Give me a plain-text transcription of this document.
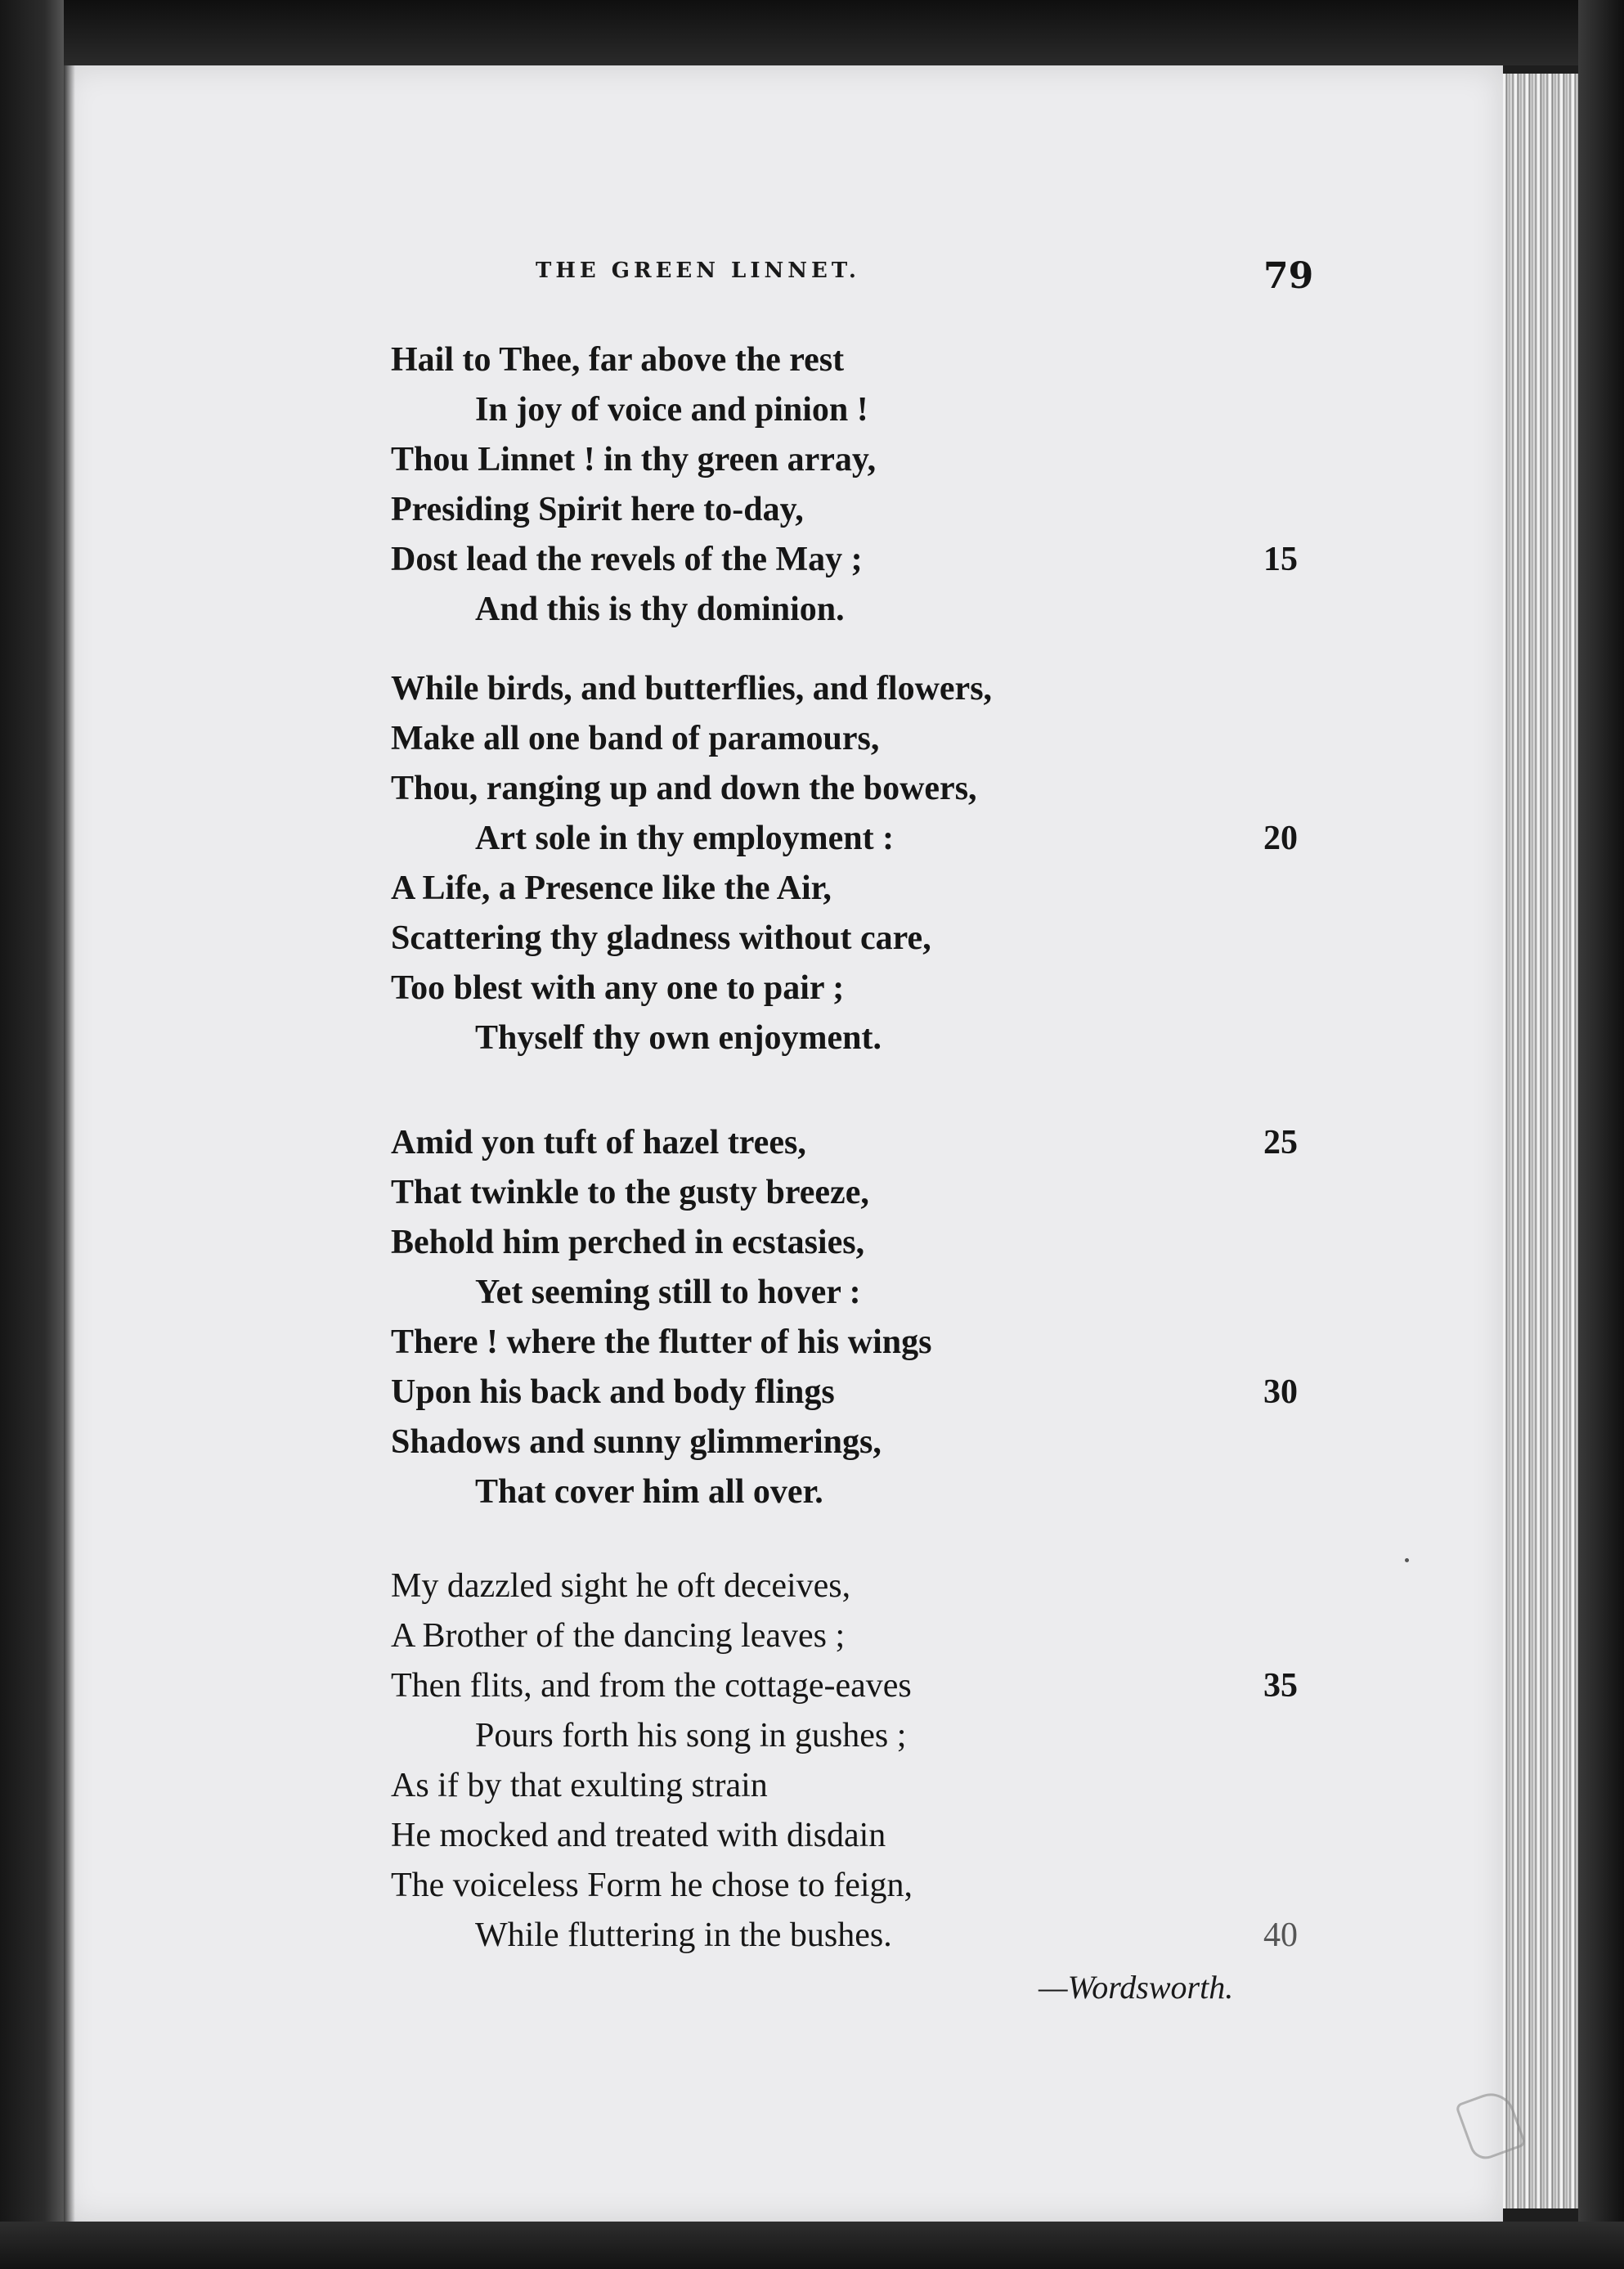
THE GREEN LINNET.	79
Hail to Thee, far above the rest
In joy of voice and pinion !
Thou Linnet ! in thy green array,
Presiding Spirit here to-day,
Dost lead the revels of the May ;	15
And this is thy dominion.
While birds, and butterflies, and flowers,
Make all one band of paramours,
Thou, ranging up and down the bowers,
Art sole in thy employment :	20
A Life, a Presence like the Air,
Scattering thy gladness without care,
Too blest with any one to pair ;
Thyself thy own enjoyment.
Amid yon tuft of hazel trees,	25
That twinkle to the gusty breeze,
Behold him perched in ecstasies,
Yet seeming still to hover :
There ! where the flutter of his wings
Upon his back and body flings	30
Shadows and sunny glimmerings,
That cover him all over.
My dazzled sight he oft deceives,
A Brother of the dancing leaves ;
Then flits, and from the cottage-eaves	35
Pours forth his song in gushes ;
As if by that exulting strain
He mocked and treated with disdain
The voiceless Form he chose to feign,
While fluttering in the bushes.	40
—Wordsworth.
